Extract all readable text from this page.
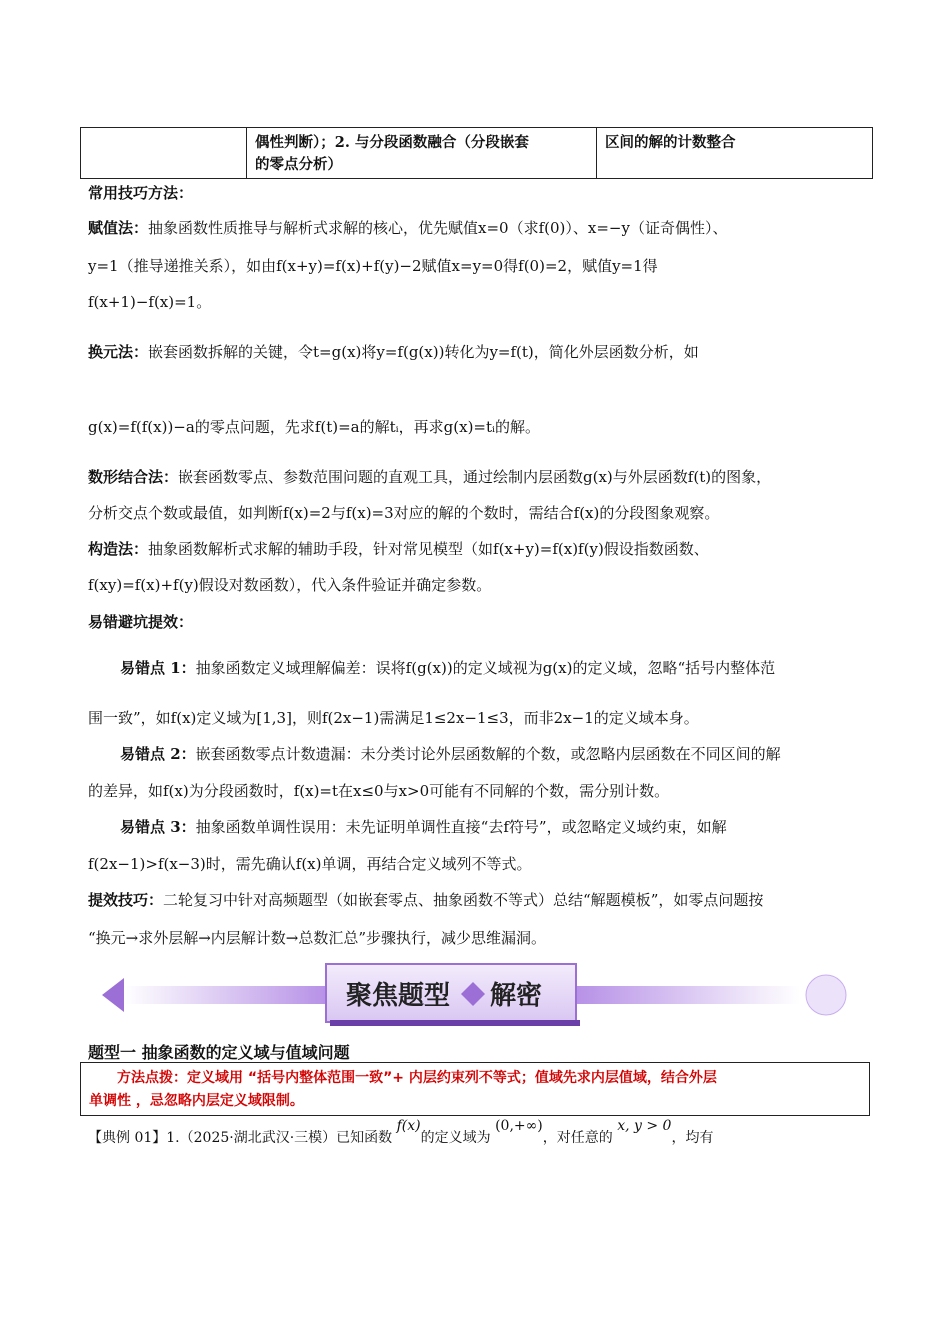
偶性判断）；2. 与分段函数融合（分段嵌套
的零点分析）
区间的解的计数整合
常用技巧方法：
赋值法：抽象函数性质推导与解析式求解的核心，优先赋值x=0（求f(0)）、x=−y（证奇偶性）、
y=1（推导递推关系），如由f(x+y)=f(x)+f(y)−2赋值x=y=0得f(0)=2，赋值y=1得
f(x+1)−f(x)=1。
换元法：嵌套函数拆解的关键，令t=g(x)将y=f(g(x))转化为y=f(t)，简化外层函数分析，如
g(x)=f(f(x))−a的零点问题，先求f(t)=a的解tᵢ，再求g(x)=tᵢ的解。
数形结合法：嵌套函数零点、参数范围问题的直观工具，通过绘制内层函数g(x)与外层函数f(t)的图象，
分析交点个数或最值，如判断f(x)=2与f(x)=3对应的解的个数时，需结合f(x)的分段图象观察。
构造法：抽象函数解析式求解的辅助手段，针对常见模型（如f(x+y)=f(x)f(y)假设指数函数、
f(xy)=f(x)+f(y)假设对数函数），代入条件验证并确定参数。
易错避坑提效：
易错点 1：抽象函数定义域理解偏差：误将f(g(x))的定义域视为g(x)的定义域，忽略“括号内整体范
围一致”，如f(x)定义域为[1,3]，则f(2x−1)需满足1≤2x−1≤3，而非2x−1的定义域本身。
易错点 2：嵌套函数零点计数遗漏：未分类讨论外层函数解的个数，或忽略内层函数在不同区间的解
的差异，如f(x)为分段函数时，f(x)=t在x≤0与x>0可能有不同解的个数，需分别计数。
易错点 3：抽象函数单调性误用：未先证明单调性直接“去f符号”，或忽略定义域约束，如解
f(2x−1)>f(x−3)时，需先确认f(x)单调，再结合定义域列不等式。
提效技巧：二轮复习中针对高频题型（如嵌套零点、抽象函数不等式）总结“解题模板”，如零点问题按
“换元→求外层解→内层解计数→总数汇总”步骤执行，减少思维漏洞。
聚焦题型 解密
题型一 抽象函数的定义域与值域问题
方法点拨：定义域用 “括号内整体范围一致”+ 内层约束列不等式；值域先求内层值域，结合外层
单调性 ，忌忽略内层定义域限制。
【典例 01】1.（2025·湖北武汉·三模）已知函数 f(x)的定义域为 (0,+∞)，对任意的 x, y > 0，均有
